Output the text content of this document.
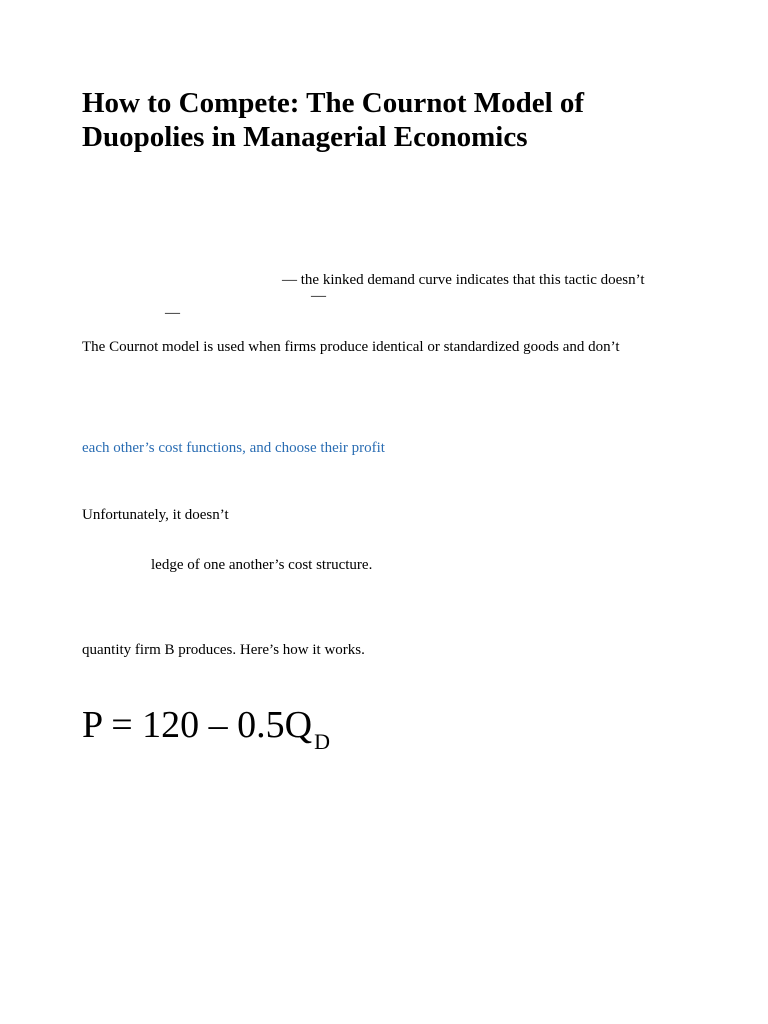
How to Compete: The Cournot Model of Duopolies in Managerial Economics
— the kinked demand curve indicates that this tactic doesn’t
—
—
The Cournot model is used when firms produce identical or standardized goods and don’t
each other’s cost functions, and choose their profit
Unfortunately, it doesn’t
ledge of one another’s cost structure.
quantity firm B produces. Here’s how it works.
$P = 120 - 0.5Q_D$
